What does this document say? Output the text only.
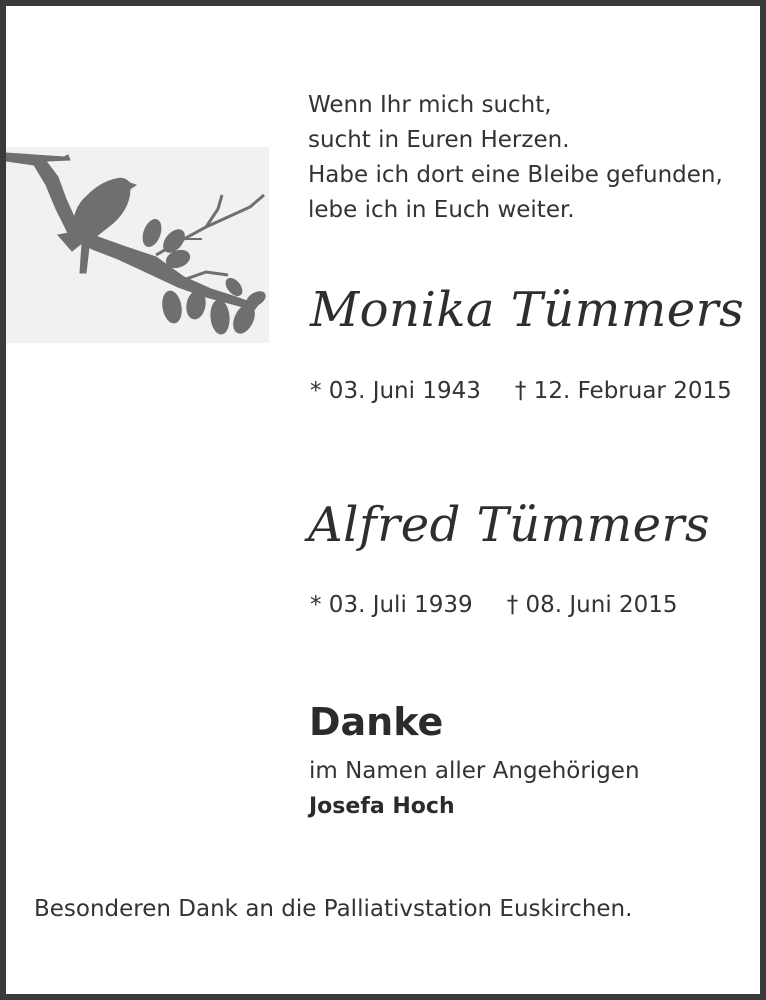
Wenn Ihr mich sucht,
sucht in Euren Herzen.
Habe ich dort eine Bleibe gefunden,
lebe ich in Euch weiter.
Monika Tümmers
* 03. Juni 1943 † 12. Februar 2015
Alfred Tümmers
* 03. Juli 1939 † 08. Juni 2015
Danke
im Namen aller Angehörigen
Josefa Hoch
Besonderen Dank an die Palliativstation Euskirchen.
